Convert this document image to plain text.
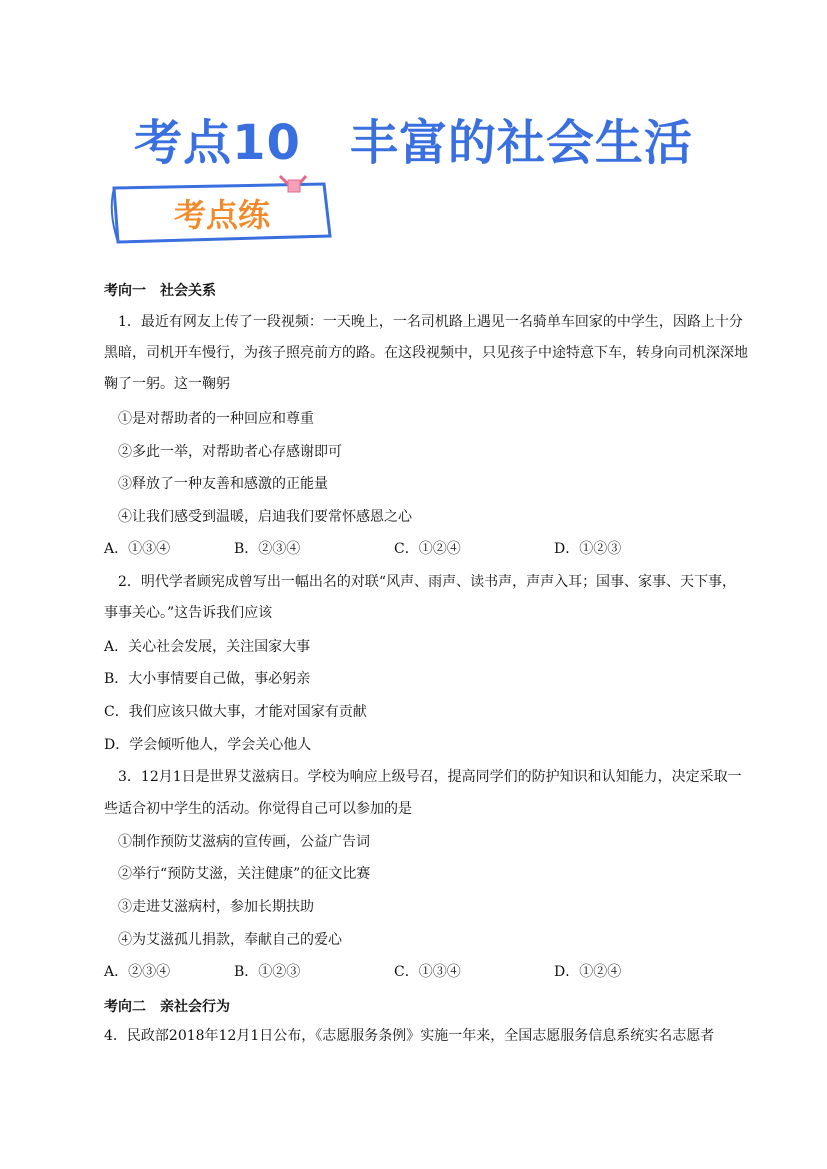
考点10　丰富的社会生活
考点练
考向一　社会关系
1．最近有网友上传了一段视频：一天晚上，一名司机路上遇见一名骑单车回家的中学生，因路上十分
黑暗，司机开车慢行，为孩子照亮前方的路。在这段视频中，只见孩子中途特意下车，转身向司机深深地
鞠了一躬。这一鞠躬
①是对帮助者的一种回应和尊重
②多此一举，对帮助者心存感谢即可
③释放了一种友善和感激的正能量
④让我们感受到温暖，启迪我们要常怀感恩之心
A．①③④	B．②③④	C．①②④	D．①②③
2．明代学者顾宪成曾写出一幅出名的对联“风声、雨声、读书声，声声入耳；国事、家事、天下事，
事事关心。”这告诉我们应该
A．关心社会发展，关注国家大事
B．大小事情要自己做，事必躬亲
C．我们应该只做大事，才能对国家有贡献
D．学会倾听他人，学会关心他人
3．12月1日是世界艾滋病日。学校为响应上级号召，提高同学们的防护知识和认知能力，决定采取一
些适合初中学生的活动。你觉得自己可以参加的是
①制作预防艾滋病的宣传画，公益广告词
②举行“预防艾滋，关注健康”的征文比赛
③走进艾滋病村，参加长期扶助
④为艾滋孤儿捐款，奉献自己的爱心
A．②③④	B．①②③	C．①③④	D．①②④
考向二　亲社会行为
4．民政部2018年12月1日公布，《志愿服务条例》实施一年来，全国志愿服务信息系统实名志愿者
